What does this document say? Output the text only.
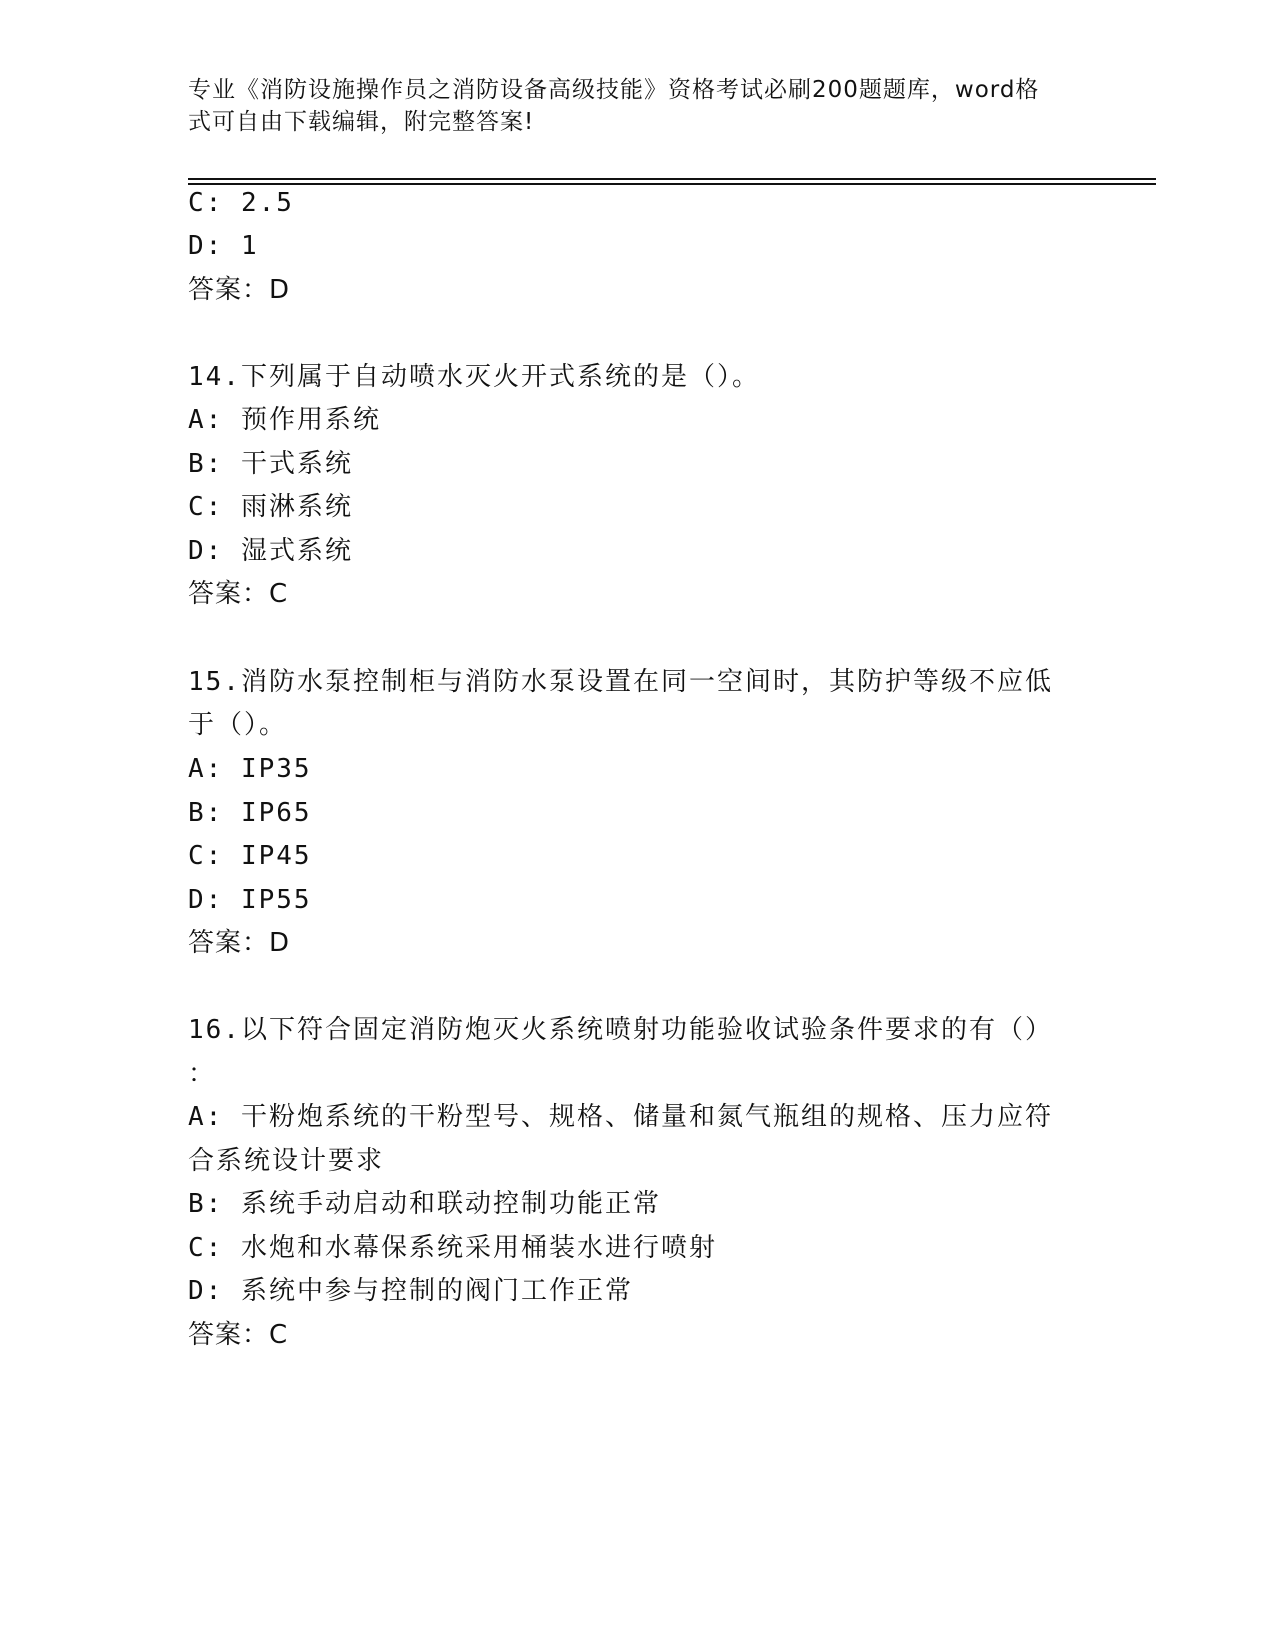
专业《消防设施操作员之消防设备高级技能》资格考试必刷200题题库，word格
式可自由下载编辑，附完整答案!
C: 2.5
D: 1
答案：D
14.下列属于自动喷水灭火开式系统的是（）。
A: 预作用系统
B: 干式系统
C: 雨淋系统
D: 湿式系统
答案：C
15.消防水泵控制柜与消防水泵设置在同一空间时，其防护等级不应低
于（）。
A: IP35
B: IP65
C: IP45
D: IP55
答案：D
16.以下符合固定消防炮灭火系统喷射功能验收试验条件要求的有（）
：
A: 干粉炮系统的干粉型号、规格、储量和氮气瓶组的规格、压力应符
合系统设计要求
B: 系统手动启动和联动控制功能正常
C: 水炮和水幕保系统采用桶装水进行喷射
D: 系统中参与控制的阀门工作正常
答案：C
